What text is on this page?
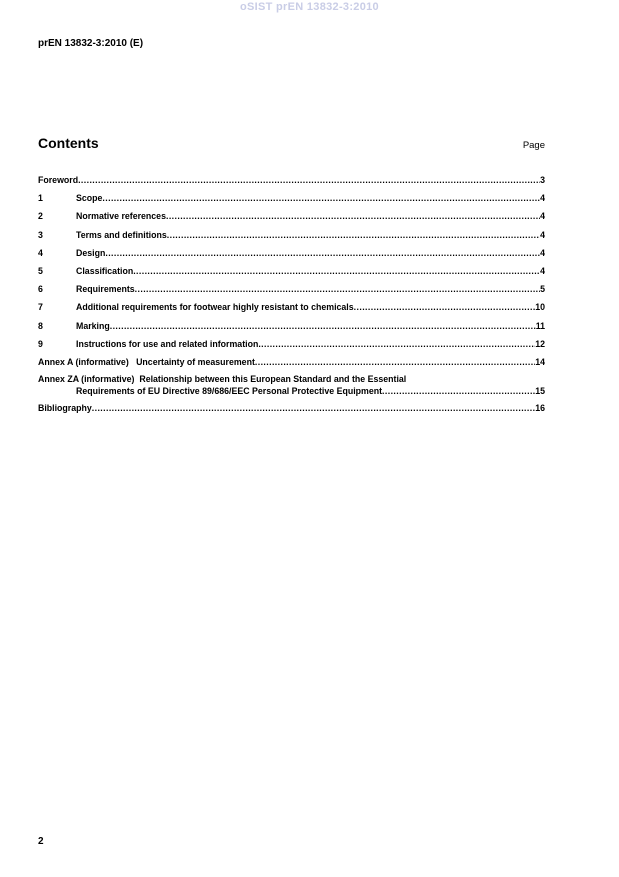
oSIST prEN 13832-3:2010
prEN 13832-3:2010 (E)
Contents	Page
Foreword .....	3
1	Scope .....	4
2	Normative references .....	4
3	Terms and definitions .....	4
4	Design .....	4
5	Classification .....	4
6	Requirements .....	5
7	Additional requirements for footwear highly resistant to chemicals .....	10
8	Marking .....	11
9	Instructions for use and related information .....	12
Annex A (informative)   Uncertainty of measurement .....	14
Annex ZA (informative)  Relationship between this European Standard and the Essential
Requirements of EU Directive 89/686/EEC Personal Protective Equipment .....	15
Bibliography .....	16
2
